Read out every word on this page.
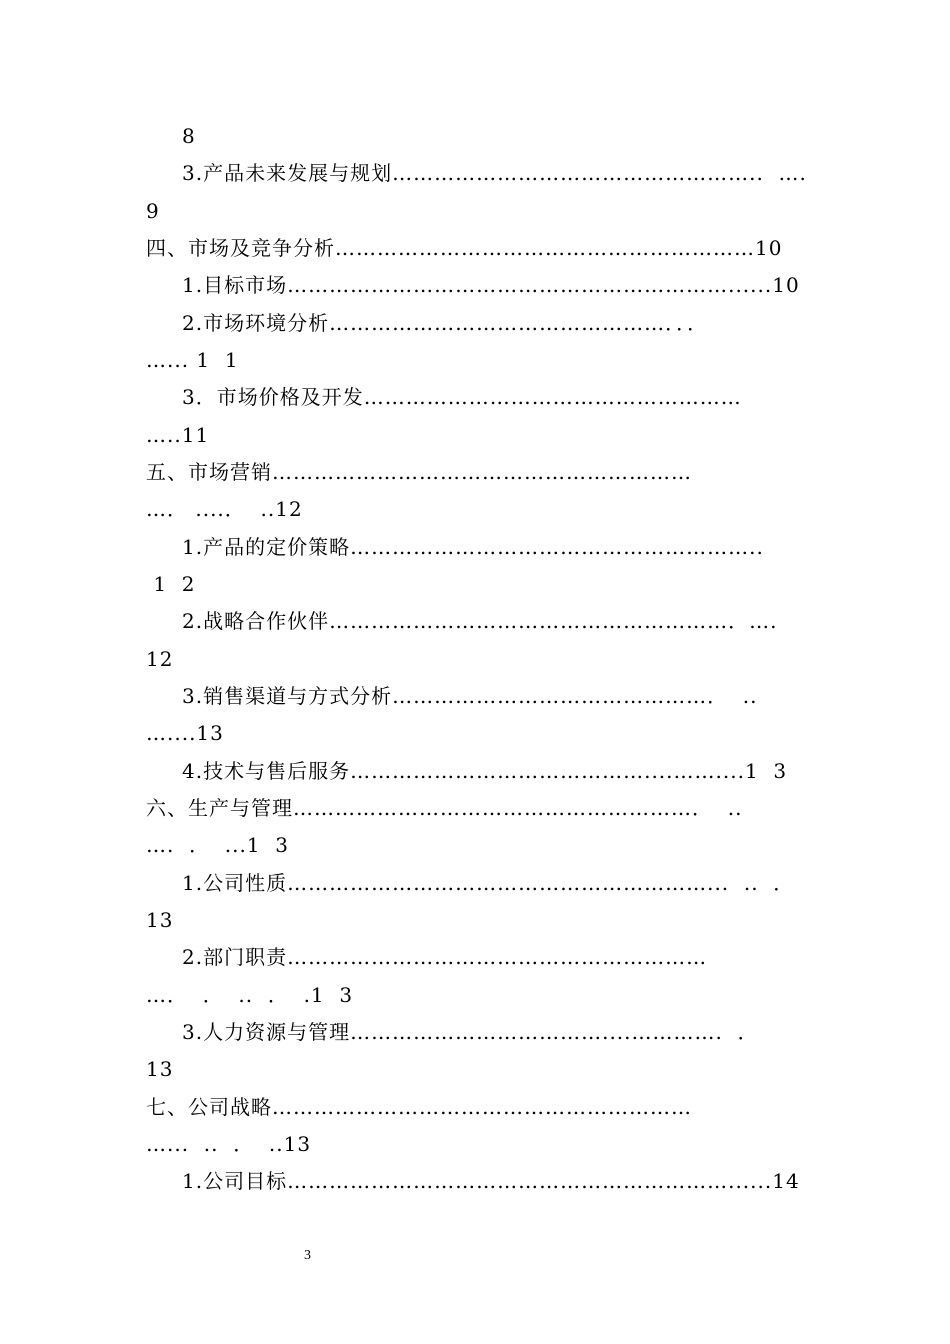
8
3.产品未来发展与规划……………………………………………..  ….
9
四、市场及竞争分析……………………………………………………10
1.目标市场………………………………………………………......10
2.市场环境分析…………………………………………．．．
…... 1  1
3．市场价格及开发………………………………………………
…..11
五、市场营销……………………………………………………
…． ....．  ..12
1.产品的定价策略…………………………………………………..
1  2
2.战略合作伙伴…………………………………………………．….
12
3.销售渠道与方式分析………………………………………．  ..
…....13
4.技术与售后服务……………………………………....……....1  3
六、生产与管理…………………………………………………．  ..
….  ．  ...1  3
1.公司性质……………………………………………………...  ..  ．
13
2.部门职责……………………………………………………
…．  ．  ..  ．  .1  3
3.人力资源与管理………………………………....………….  ．
13
七、公司战略……………………………………………………
…...  ..  ．  ..13
1.公司目标………………………………………………………......14
3
